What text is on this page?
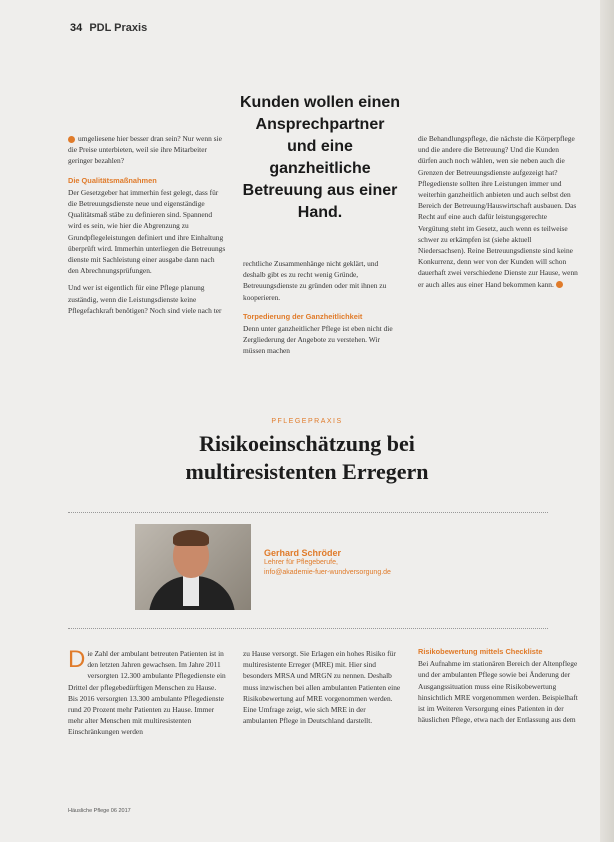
34 PDL Praxis
Kunden wollen einen Ansprechpartner und eine ganzheitliche Betreuung aus einer Hand.

umgeliesene hier besser dran sein? Nur wenn sie die Preise unterbieten, weil sie ihre Mitarbeiter geringer bezahlen?

Die Qualitätsmaßnahmen

Der Gesetzgeber hat immerhin fest gelegt, dass für die Betreuungsdienste neue und eigenständige Qualitätsmaß stäbe zu definieren sind. Spannend wird es sein, wie hier die Abgrenzung zu Grundpflegeleistungen definiert und ihre Einhaltung überprüft wird. Immerhin unterliegen die Betreuungs dienste mit Sachleistung einer ausgabe dann nach den Abrechnungsprüfungen.

Und wer ist eigentlich für eine Pflege planung zuständig, wenn die Leistungsdienste keine Pflegefachkraft benötigen? Noch sind viele nach ter

rechtliche Zusammenhänge nicht geklärt, und deshalb gibt es zu recht wenig Gründe, Betreuungsdienste zu gründen oder mit ihnen zu kooperieren.

Torpedierung der Ganzheitlichkeit

Denn unter ganzheitlicher Pflege ist eben nicht die Zergliederung der Angebote zu verstehen. Wir müssen machen

die Behandlungspflege, die nächste die Körperpflege und die andere die Betreuung? Und die Kunden dürfen auch noch wählen, wen sie neben auch die Grenzen der Betreuungsdienste aufgezeigt hat? Pflegedienste sollten ihre Leistungen immer und weiterhin ganzheitlich anbieten und auch selbst den Bereich der Betreuung/Hauswirtschaft ausbauen. Das Recht auf eine auch dafür leistungsgerechte Vergütung steht im Gesetz, auch wenn es teilweise schwer zu erkämpfen ist (siehe aktuell Niedersachsen). Reine Betreuungsdienste sind keine Konkurrenz, denn wer von der Kunden will schon dauerhaft zwei verschiedene Dienste zur Hause, wenn er auch alles aus einer Hand bekommen kann.

PFLEGEPRAXIS
Risikoeinschätzung bei
multiresistenten Erregern
Gerhard Schröder
Lehrer für Pflegeberufe,
info@akademie-fuer-wundversorgung.de
Die Zahl der ambulant betreuten Patienten ist in den letzten Jahren gewachsen. Im Jahre 2011 versorgten 12.300 ambulante Pflegedienste ein Drittel der pflegebedürftigen Menschen zu Hause. Bis 2016 versorgten 13.300 ambulante Pflegedienste rund 20 Prozent mehr Patienten zu Hause. Immer mehr alter Menschen mit multiresistenten Einschränkungen werden
zu Hause versorgt. Sie Erlagen ein hohes Risiko für multiresistente Erreger (MRE) mit. Hier sind besonders MRSA und MRGN zu nennen. Deshalb muss inzwischen bei allen ambulanten Patienten eine Risikobewertung auf MRE vorgenommen werden. Eine Umfrage zeigt, wie sich MRE in der ambulanten Pflege in Deutschland darstellt.
Risikobewertung mittels Checkliste
Bei Aufnahme im stationären Bereich der Altenpflege und der ambulanten Pflege sowie bei Änderung der Ausgangssituation muss eine Risikobewertung hinsichtlich MRE vorgenommen werden. Beispielhaft ist im Weiteren Versorgung eines Patienten in der häuslichen Pflege, etwa nach der Entlassung aus dem
Häusliche Pflege 06 2017
